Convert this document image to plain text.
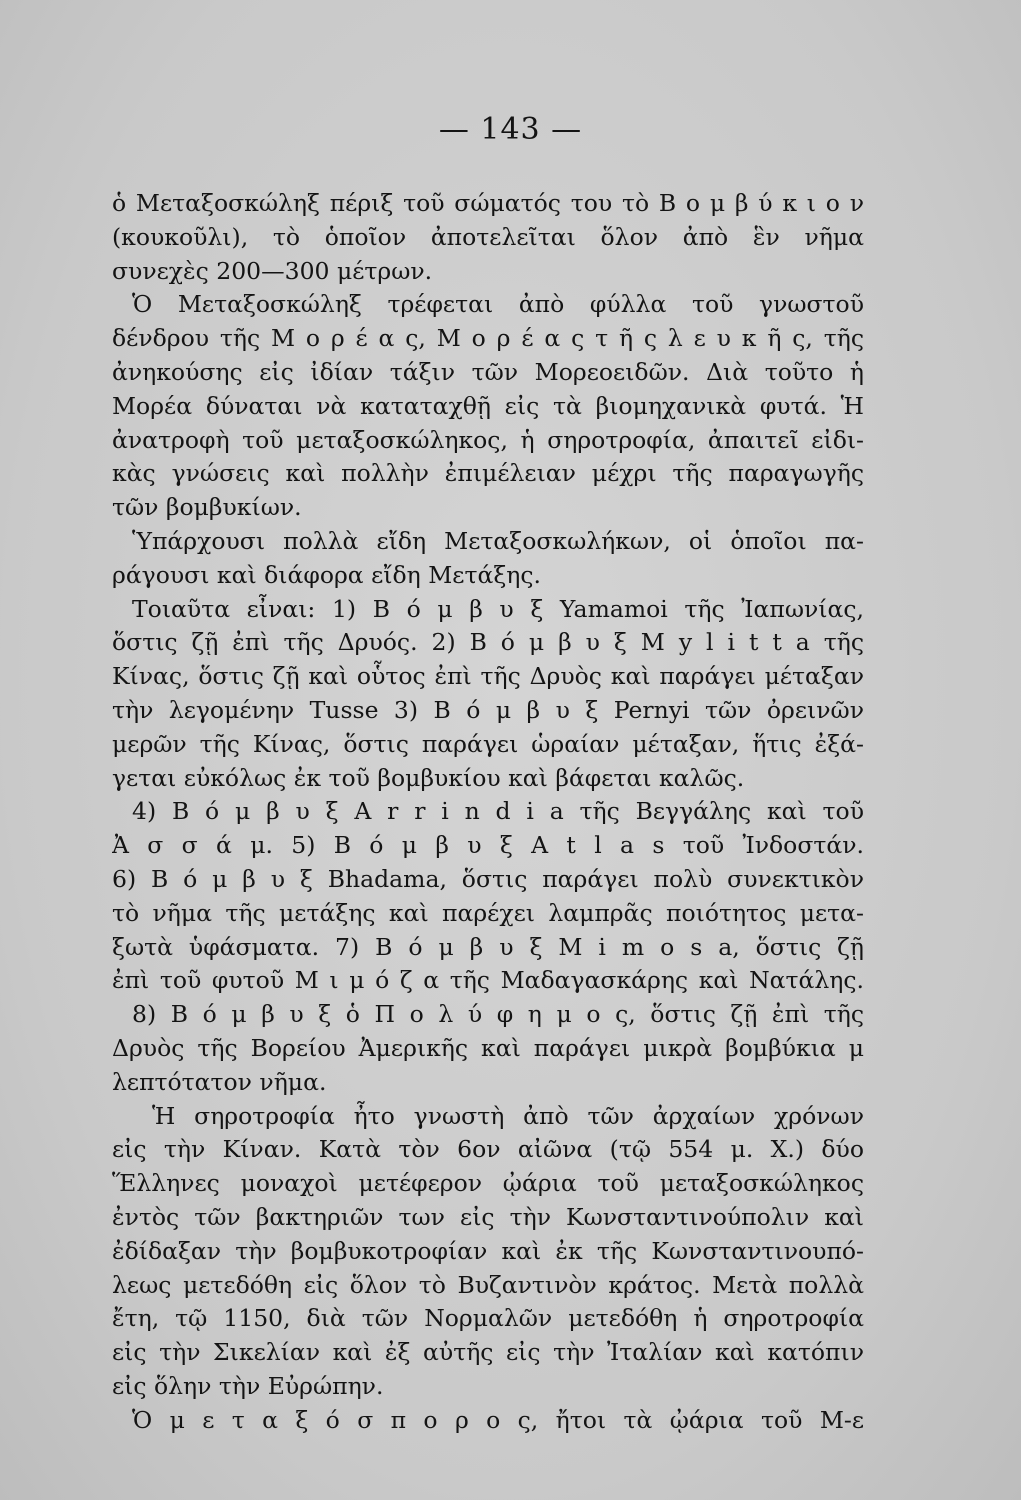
— 143 —
ὁ Μεταξοσκώληξ πέριξ τοῦ σώματός του τὸ Β ο μ β ύ κ ι ο ν
(κουκοῦλι), τὸ ὁποῖον ἀποτελεῖται ὅλον ἀπὸ ἓν νῆμα
συνεχὲς 200—300 μέτρων.
Ὁ Μεταξοσκώληξ τρέφεται ἀπὸ φύλλα τοῦ γνωστοῦ
δένδρου τῆς Μ ο ρ έ α ς, Μ ο ρ έ α ς τ ῆ ς λ ε υ κ ῆ ς, τῆς
ἀνηκούσης εἰς ἰδίαν τάξιν τῶν Μορεοειδῶν. Διὰ τοῦτο ἡ
Μορέα δύναται νὰ καταταχθῇ εἰς τὰ βιομηχανικὰ φυτά. Ἡ
ἀνατροφὴ τοῦ μεταξοσκώληκος, ἡ σηροτροφία, ἀπαιτεῖ εἰδι-
κὰς γνώσεις καὶ πολλὴν ἐπιμέλειαν μέχρι τῆς παραγωγῆς
τῶν βομβυκίων.
Ὑπάρχουσι πολλὰ εἴδη Μεταξοσκωλήκων, οἱ ὁποῖοι πα-
ράγουσι καὶ διάφορα εἴδη Μετάξης.
Τοιαῦτα εἶναι: 1) Β ό μ β υ ξ Yamamoi τῆς Ἰαπωνίας,
ὅστις ζῇ ἐπὶ τῆς Δρυός. 2) Β ό μ β υ ξ M y l i t t a τῆς
Κίνας, ὅστις ζῇ καὶ οὗτος ἐπὶ τῆς Δρυὸς καὶ παράγει μέταξαν
τὴν λεγομένην Tusse 3) Β ό μ β υ ξ Pernyi τῶν ὀρεινῶν
μερῶν τῆς Κίνας, ὅστις παράγει ὡραίαν μέταξαν, ἥτις ἐξά-
γεται εὐκόλως ἐκ τοῦ βομβυκίου καὶ βάφεται καλῶς.
4) Β ό μ β υ ξ A r r i n d i a τῆς Βεγγάλης καὶ τοῦ
Ἀ σ σ ά μ. 5) Β ό μ β υ ξ A t l a s τοῦ Ἰνδοστάν.
6) Β ό μ β υ ξ Bhadama, ὅστις παράγει πολὺ συνεκτικὸν
τὸ νῆμα τῆς μετάξης καὶ παρέχει λαμπρᾶς ποιότητος μετα-
ξωτὰ ὑφάσματα. 7) Β ό μ β υ ξ M i m o s a, ὅστις ζῇ
ἐπὶ τοῦ φυτοῦ Μ ι μ ό ζ α τῆς Μαδαγασκάρης καὶ Νατάλης.
8) Β ό μ β υ ξ ὁ Π ο λ ύ φ η μ ο ς, ὅστις ζῇ ἐπὶ τῆς
Δρυὸς τῆς Βορείου Ἀμερικῆς καὶ παράγει μικρὰ βομβύκια μ
λεπτότατον νῆμα.
Ἡ σηροτροφία ἦτο γνωστὴ ἀπὸ τῶν ἀρχαίων χρόνων
εἰς τὴν Κίναν. Κατὰ τὸν 6ον αἰῶνα (τῷ 554 μ. Χ.) δύο
Ἕλληνες μοναχοὶ μετέφερον ᾠάρια τοῦ μεταξοσκώληκος
ἐντὸς τῶν βακτηριῶν των εἰς τὴν Κωνσταντινούπολιν καὶ
ἐδίδαξαν τὴν βομβυκοτροφίαν καὶ ἐκ τῆς Κωνσταντινουπό-
λεως μετεδόθη εἰς ὅλον τὸ Βυζαντινὸν κράτος. Μετὰ πολλὰ
ἔτη, τῷ 1150, διὰ τῶν Νορμαλῶν μετεδόθη ἡ σηροτροφία
εἰς τὴν Σικελίαν καὶ ἐξ αὐτῆς εἰς τὴν Ἰταλίαν καὶ κατόπιν
εἰς ὅλην τὴν Εὐρώπην.
Ὁ μ ε τ α ξ ό σ π ο ρ ο ς, ἤτοι τὰ ᾠάρια τοῦ Μ-ε
